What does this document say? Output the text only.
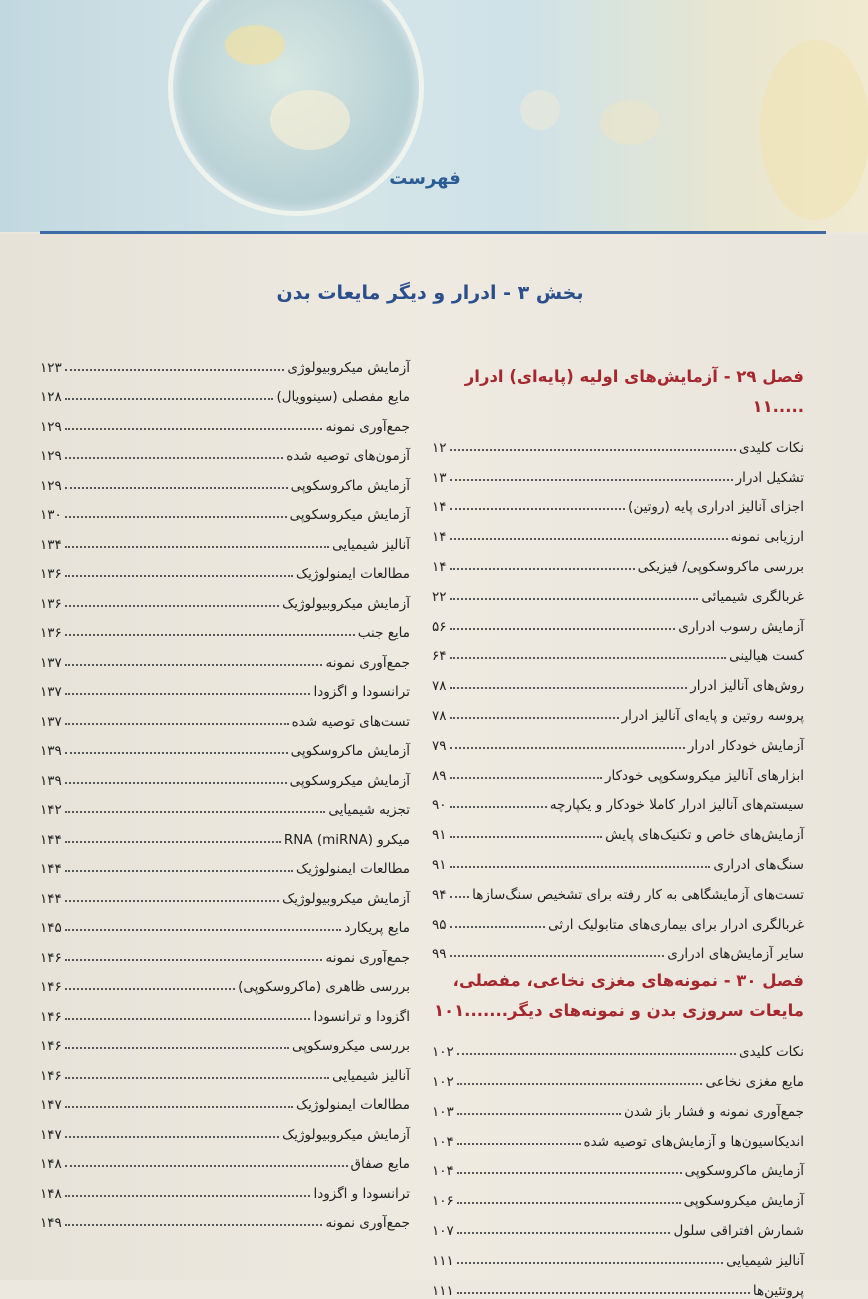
فهرست
بخش ۳ - ادرار و دیگر مایعات بدن
فصل ۲۹ - آزمایش‌های اولیه (پایه‌ای) ادرار .....۱۱
نکات کلیدی
۱۲
تشکیل ادرار
۱۳
اجزای آنالیز ادراری پایه (روتین)
۱۴
ارزیابی نمونه
۱۴
بررسی ماکروسکوپی/ فیزیکی
۱۴
غربالگری شیمیائی
۲۲
آزمایش رسوب ادراری
۵۶
کست هیالینی
۶۴
روش‌های آنالیز ادرار
۷۸
پروسه روتین و پایه‌ای آنالیز ادرار
۷۸
آزمایش خودکار ادرار
۷۹
ابزارهای آنالیز میکروسکوپی خودکار
۸۹
سیستم‌های آنالیز ادرار کاملا خودکار و یکپارچه
۹۰
آزمایش‌های خاص و تکنیک‌های پایش
۹۱
سنگ‌های ادراری
۹۱
تست‌های آزمایشگاهی به کار رفته برای تشخیص سنگ‌سازها
۹۴
غربالگری ادرار برای بیماری‌های متابولیک ارثی
۹۵
سایر آزمایش‌های ادراری
۹۹
فصل ۳۰ - نمونه‌های مغزی نخاعی، مفصلی،
مایعات سروزی بدن و نمونه‌های دیگر.......۱۰۱
نکات کلیدی
۱۰۲
مایع مغزی نخاعی
۱۰۲
جمع‌آوری نمونه و فشار باز شدن
۱۰۳
اندیکاسیون‌ها و آزمایش‌های توصیه شده
۱۰۴
آزمایش ماکروسکوپی
۱۰۴
آزمایش میکروسکوپی
۱۰۶
شمارش افتراقی سلول
۱۰۷
آنالیز شیمیایی
۱۱۱
پروتئین‌ها
۱۱۱
آزمایش میکروبیولوژی
۱۲۳
مایع مفصلی (سینوویال)
۱۲۸
جمع‌آوری نمونه
۱۲۹
آزمون‌های توصیه شده
۱۲۹
آزمایش ماکروسکوپی
۱۲۹
آزمایش میکروسکوپی
۱۳۰
آنالیز شیمیایی
۱۳۴
مطالعات ایمنولوژیک
۱۳۶
آزمایش میکروبیولوژیک
۱۳۶
مایع جنب
۱۳۶
جمع‌آوری نمونه
۱۳۷
ترانسودا و اگزودا
۱۳۷
تست‌های توصیه شده
۱۳۷
آزمایش ماکروسکوپی
۱۳۹
آزمایش میکروسکوپی
۱۳۹
تجزیه شیمیایی
۱۴۲
میکرو RNA (miRNA)
۱۴۴
مطالعات ایمنولوژیک
۱۴۴
آزمایش میکروبیولوژیک
۱۴۴
مایع پریکارد
۱۴۵
جمع‌آوری نمونه
۱۴۶
بررسی ظاهری (ماکروسکوپی)
۱۴۶
اگزودا و ترانسودا
۱۴۶
بررسی میکروسکوپی
۱۴۶
آنالیز شیمیایی
۱۴۶
مطالعات ایمنولوژیک
۱۴۷
آزمایش میکروبیولوژیک
۱۴۷
مایع صفاق
۱۴۸
ترانسودا و اگزودا
۱۴۸
جمع‌آوری نمونه
۱۴۹
